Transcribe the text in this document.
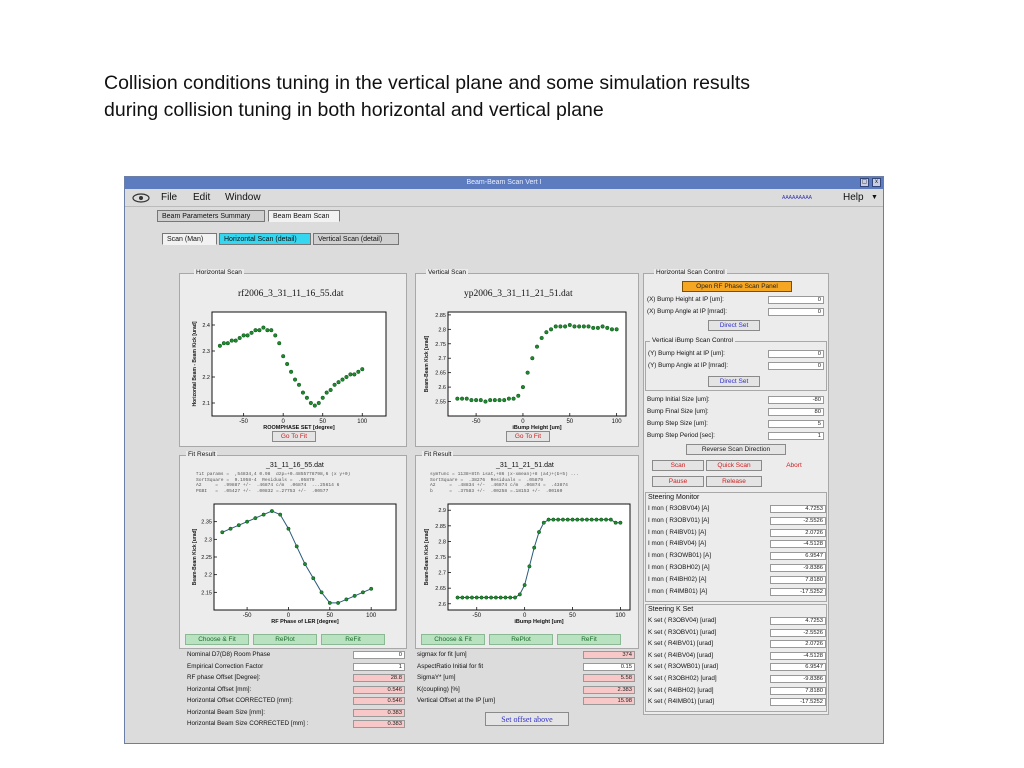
Collision conditions tuning in the vertical plane and some simulation results
during collision tuning in both horizontal and vertical plane
Beam-Beam Scan Vert I	▢	x
File Edit Window	ААААААААА	Help ▼
Beam Parameters Summary	Beam Beam Scan
Scan (Man)	Horizontal Scan (detail)	Vertical Scan (detail)
Horizontal Scan
rf2006_3_31_11_16_55.dat
-50	0	50	100
2.1
2.2
2.3
2.4
ROOMPHASE SET [degree]
Horizontal Beam - Beam Kick [urad]
Go To Fit
Vertical Scan
yp2006_3_31_11_21_51.dat
-50	0	50	100
2.55
2.6
2.65
2.7
2.75
2.8
2.85
iBump Height [um]
Beam-Beam Kick [urad]
Go To Fit
Fit Result
_31_11_16_55.dat
fit params =  ,54834,4 0.98  dzp=+0.4855778798,6 (x y+0)
SortSquare =  9.1958-4  Residuals =  .05879
A2     =  .99887 +/-  .46874 c/m  .06874  ...25614 6
PGBI   =  .05427 +/-  .00832 =.27753 +/-  .00577
-50	0	50	100
2.15
2.2
2.25
2.3
2.35
RF Phase of LER [degree]
Beam-Beam Kick [urad]
Fit Result
_31_11_21_51.dat
symfunc = 1138+8th isat,+86 (x-xmean)+8 (a4)+(b+5) ...
SortSquare =  .38276  Residuals =  .05879
A2     =  .48834 +/-  .46874 c/m  .06874 =  .43874
b      =  .37583 +/-  .00258 =.18153 +/-  .00160
-50	0	50	100
2.6
2.65
2.7
2.75
2.8
2.85
2.9
iBump Height [um]
Beam-Beam Kick [urad]
Choose & Fit	RePlot	ReFit
Nominal D7(D8) Room Phase	0
Empirical Correction Factor	1
RF phase Offset [Degree]:	28.8
Horizontal Offset [mm]:	0.546
Horizontal Offset CORRECTED [mm]:	0.546
Horizontal Beam Size [mm]:	0.383
Horizontal Beam Size CORRECTED [mm] :	0.383
Choose & Fit	RePlot	ReFit
sigmax for fit [um]	374
AspectRatio Initial for fit	0.15
SigmaY* [um]	5.58
K(coupling) [%]	2.383
Vertical Offset at the IP [um]	15.98
Set offset above
Horizontal Scan Control
Open RF Phase Scan Panel
(X) Bump Height at IP [um]:	0
(X) Bump Angle at IP [mrad]:	0
Direct Set
Vertical iBump Scan Control
(Y) Bump Height at IP [um]:	0
(Y) Bump Angle at IP [mrad]:	0
Direct Set
Bump Initial Size [um]:	-80
Bump Final Size [um]:	80
Bump Step Size [um]:	5
Bump Step Period [sec]:	1
Reverse Scan Direction
Scan	Quick Scan	Abort
Pause	Release
Steering Monitor
I mon ( R3OBV04) [A]	4.7253
I mon ( R3OBV01) [A]	-2.5526
I mon ( R4IBV01) [A]	2.0726
I mon ( R4IBV04) [A]	-4.5128
I mon ( R3OWB01) [A]	6.9547
I mon ( R3OBH02) [A]	-9.8386
I mon ( R4IBH02) [A]	7.8180
I mon ( R4IMB01) [A]	-17.5252
Steering K Set
K set ( R3OBV04) [urad]	4.7253
K set ( R3OBV01) [urad]	-2.5526
K set ( R4IBV01) [urad]	2.0726
K set ( R4IBV04) [urad]	-4.5128
K set ( R3OWB01) [urad]	6.9547
K set ( R3OBH02) [urad]	-9.8386
K set ( R4IBH02) [urad]	7.8180
K set ( R4IMB01) [urad]	-17.5252
